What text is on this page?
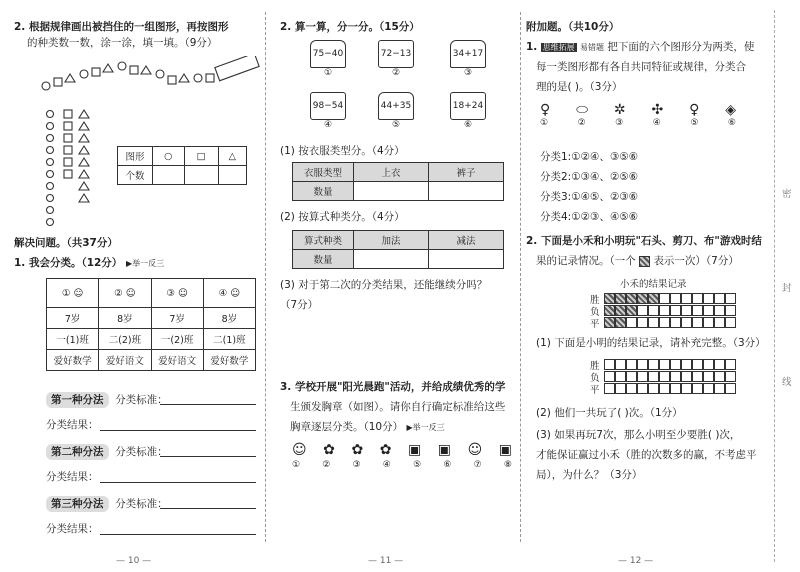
2. 根据规律画出被挡住的一组图形，再按图形
的种类数一数，涂一涂，填一填。（9分）
图形	○	□	△
个数			
解决问题。（共37分）
1. 我会分类。（12分） ▶举一反三
① ☺	② ☺	③ ☺	④ ☺
7岁	8岁	7岁	8岁
一(1)班	二(2)班	一(2)班	二(1)班
爱好数学	爱好语文	爱好语文	爱好数学
第一种分法 分类标准：
分类结果：
第二种分法 分类标准：
分类结果：
第三种分法 分类标准：
分类结果：
— 10 —
2. 算一算，分一分。（15分）
75−40
①
72−13
②
34+17
③
98−54
④
44+35
⑤
18+24
⑥
(1) 按衣服类型分。（4分）
衣服类型	上衣	裤子
数量		
(2) 按算式种类分。（4分）
算式种类	加法	减法
数量		
(3) 对于第二次的分类结果，还能继续分吗？
（7分）
3. 学校开展"阳光晨跑"活动，并给成绩优秀的学
生颁发胸章（如图）。请你自行确定标准给这些
胸章逐层分类。（10分） ▶举一反三
☺ ✿ ✿ ✿ ▣ ▣ ☺ ▣
① ② ③ ④ ⑤ ⑥ ⑦ ⑧
— 11 —
附加题。（共10分）
1. 思维拓展 易错题 把下面的六个图形分为两类，使
每一类图形都有各自共同特征或规律，分类合
理的是( )。（3分）
♀ ⬭ ✲ ✣ ♀ ◈
①	②	③	④	⑤	⑥
分类1:①②④、③⑤⑥
分类2:①③④、②⑤⑥
分类3:①④⑤、②③⑥
分类4:①②③、④⑤⑥
2. 下面是小禾和小明玩"石头、剪刀、布"游戏时结
果的记录情况。（一个 表示一次）（7分）
小禾的结果记录
胜
负
平
(1) 下面是小明的结果记录，请补充完整。（3分）
胜
负
平
(2) 他们一共玩了( )次。（1分）
(3) 如果再玩7次，那么小明至少要胜( )次，
才能保证赢过小禾（胜的次数多的赢，不考虑平
局），为什么？（3分）
— 12 —
密
封
线
